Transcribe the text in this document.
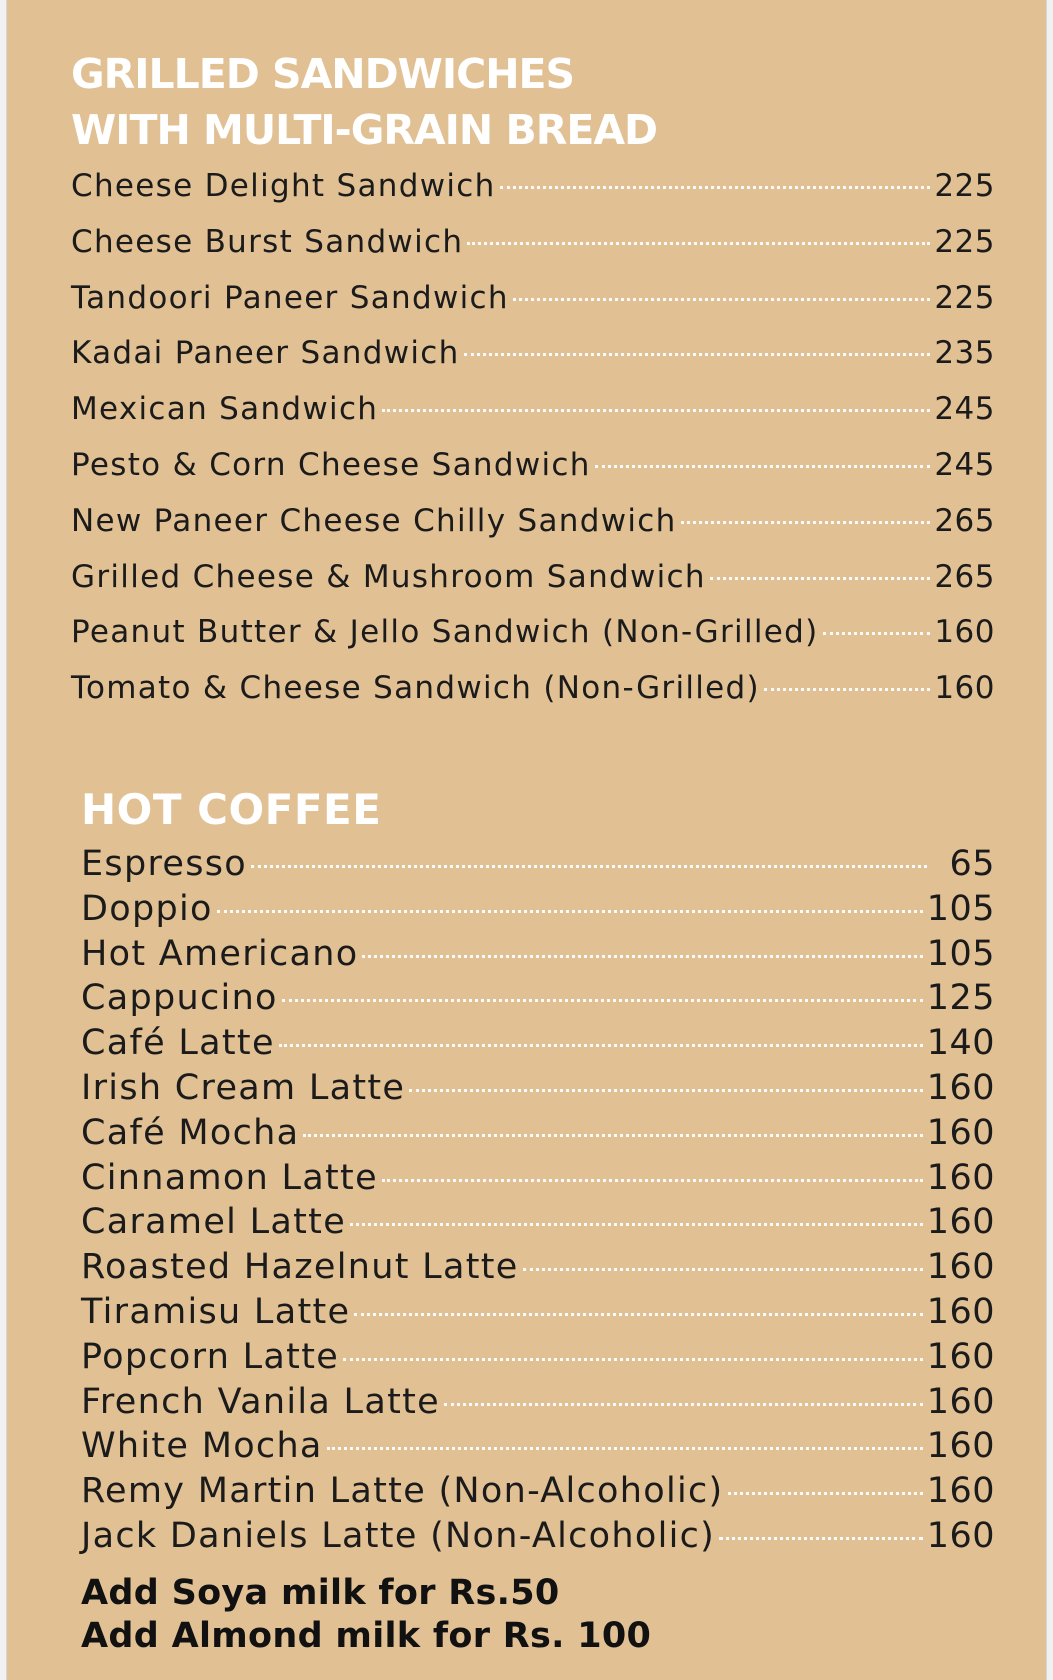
GRILLED SANDWICHES
WITH MULTI-GRAIN BREAD
Cheese Delight Sandwich	225
Cheese Burst Sandwich	225
Tandoori Paneer Sandwich	225
Kadai Paneer Sandwich	235
Mexican Sandwich	245
Pesto & Corn Cheese Sandwich	245
New Paneer Cheese Chilly Sandwich	265
Grilled Cheese & Mushroom Sandwich	265
Peanut Butter & Jello Sandwich (Non-Grilled)	160
Tomato & Cheese Sandwich (Non-Grilled)	160
HOT COFFEE
Espresso	65
Doppio	105
Hot Americano	105
Cappucino	125
Café Latte	140
Irish Cream Latte	160
Café Mocha	160
Cinnamon Latte	160
Caramel Latte	160
Roasted Hazelnut Latte	160
Tiramisu Latte	160
Popcorn Latte	160
French Vanila Latte	160
White Mocha	160
Remy Martin Latte (Non-Alcoholic)	160
Jack Daniels Latte (Non-Alcoholic)	160
Add Soya milk for Rs.50
Add Almond milk for Rs. 100
